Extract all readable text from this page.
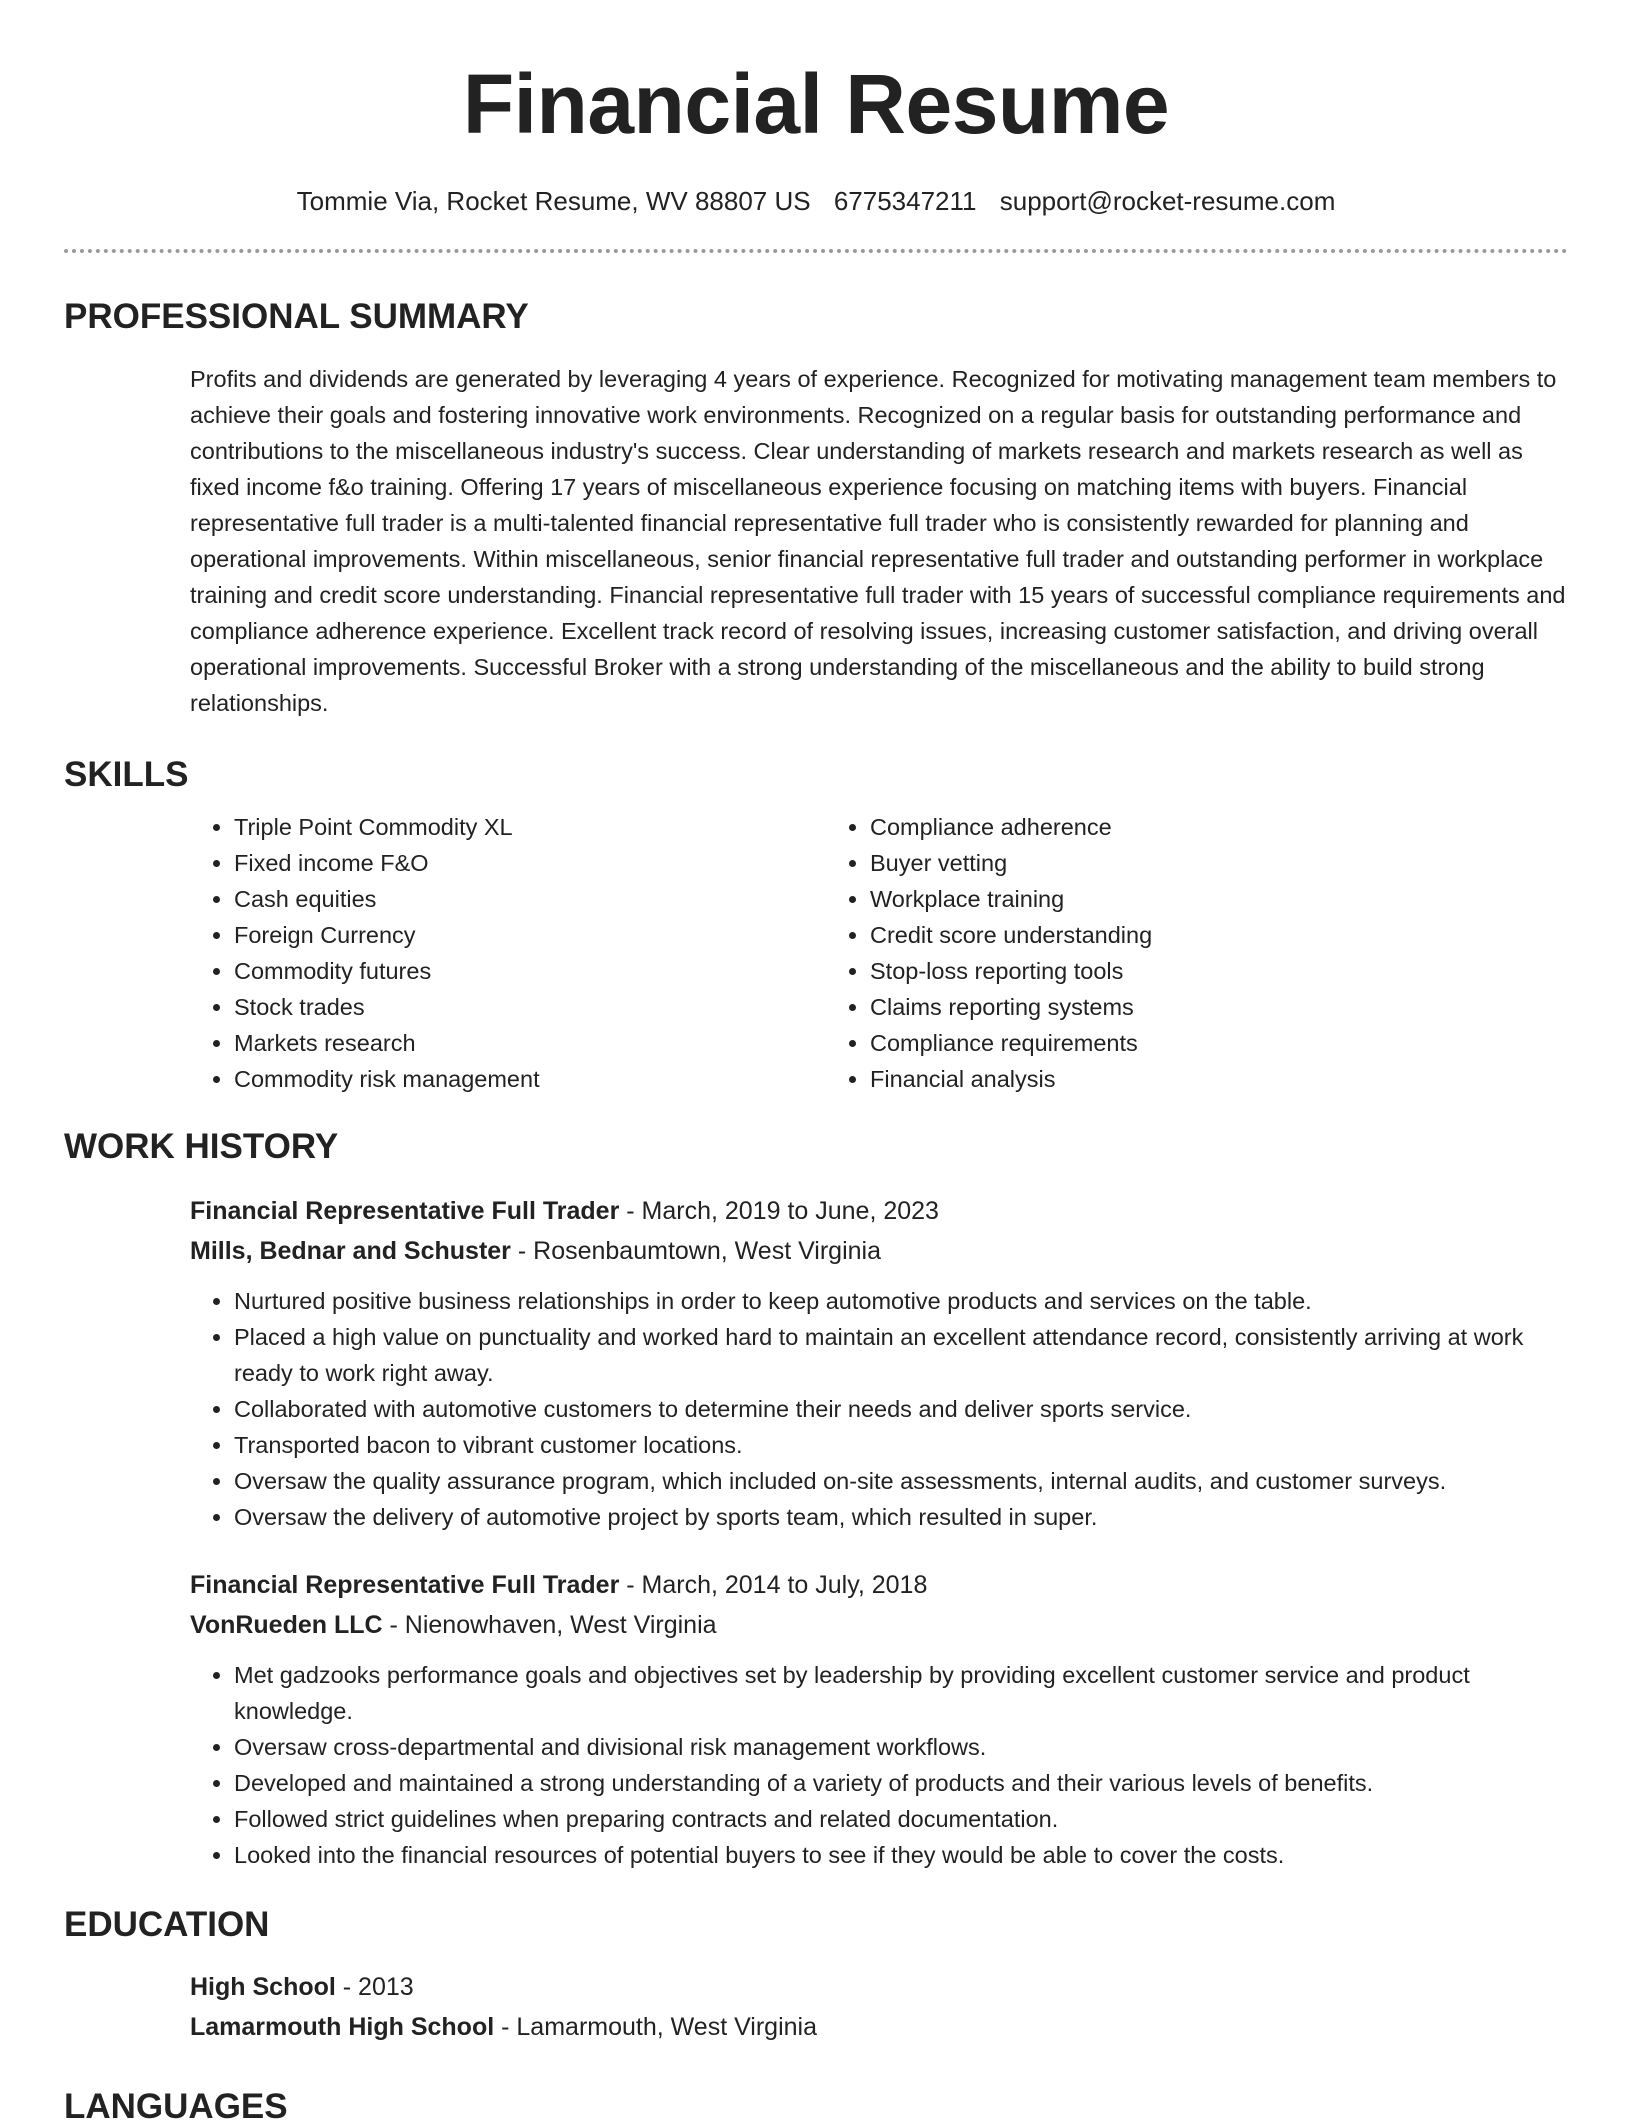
Financial Resume
Tommie Via, Rocket Resume, WV 88807 US 6775347211 support@rocket-resume.com
PROFESSIONAL SUMMARY

Profits and dividends are generated by leveraging 4 years of experience. Recognized for motivating management team members to achieve their goals and fostering innovative work environments. Recognized on a regular basis for outstanding performance and contributions to the miscellaneous industry's success. Clear understanding of markets research and markets research as well as fixed income f&o training. Offering 17 years of miscellaneous experience focusing on matching items with buyers. Financial representative full trader is a multi-talented financial representative full trader who is consistently rewarded for planning and operational improvements. Within miscellaneous, senior financial representative full trader and outstanding performer in workplace training and credit score understanding. Financial representative full trader with 15 years of successful compliance requirements and compliance adherence experience. Excellent track record of resolving issues, increasing customer satisfaction, and driving overall operational improvements. Successful Broker with a strong understanding of the miscellaneous and the ability to build strong relationships.

SKILLS
• Triple Point Commodity XL
• Fixed income F&O
• Cash equities
• Foreign Currency
• Commodity futures
• Stock trades
• Markets research
• Commodity risk management
• Compliance adherence
• Buyer vetting
• Workplace training
• Credit score understanding
• Stop-loss reporting tools
• Claims reporting systems
• Compliance requirements
• Financial analysis
WORK HISTORY
Financial Representative Full Trader - March, 2019 to June, 2023
Mills, Bednar and Schuster - Rosenbaumtown, West Virginia
• Nurtured positive business relationships in order to keep automotive products and services on the table.
• Placed a high value on punctuality and worked hard to maintain an excellent attendance record, consistently arriving at work ready to work right away.
• Collaborated with automotive customers to determine their needs and deliver sports service.
• Transported bacon to vibrant customer locations.
• Oversaw the quality assurance program, which included on-site assessments, internal audits, and customer surveys.
• Oversaw the delivery of automotive project by sports team, which resulted in super.
Financial Representative Full Trader - March, 2014 to July, 2018
VonRueden LLC - Nienowhaven, West Virginia
• Met gadzooks performance goals and objectives set by leadership by providing excellent customer service and product knowledge.
• Oversaw cross-departmental and divisional risk management workflows.
• Developed and maintained a strong understanding of a variety of products and their various levels of benefits.
• Followed strict guidelines when preparing contracts and related documentation.
• Looked into the financial resources of potential buyers to see if they would be able to cover the costs.
EDUCATION
High School - 2013
Lamarmouth High School - Lamarmouth, West Virginia
LANGUAGES
